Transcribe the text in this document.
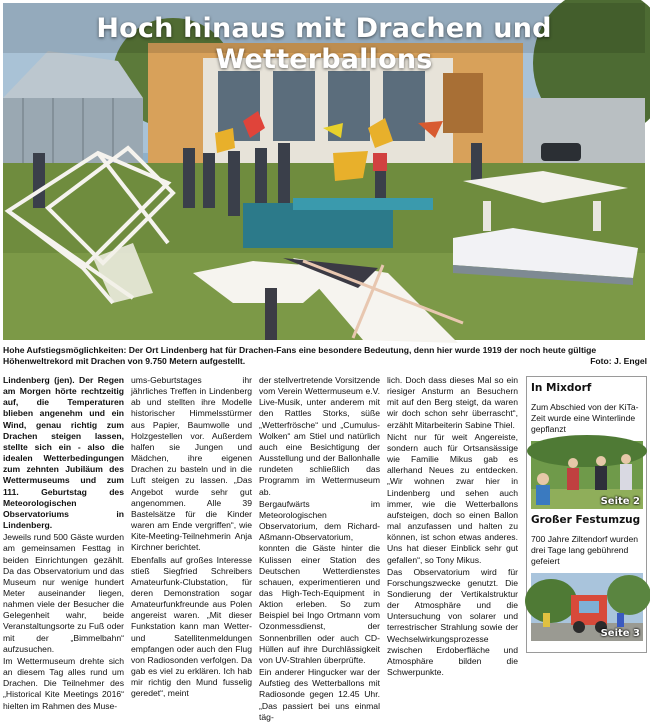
Hoch hinaus mit Drachen und Wetterballons
Hohe Aufstiegsmöglichkeiten: Der Ort Lindenberg hat für Drachen-Fans eine besondere Bedeutung, denn hier wurde 1919 der noch heute gültige Höhenweltrekord mit Drachen von 9.750 Metern aufgestellt.	Foto: J. Engel

Lindenberg (jen). Der Regen am Morgen hörte rechtzeitig auf, die Temperaturen blieben angenehm und ein Wind, genau richtig zum Drachen steigen lassen, stellte sich ein - also die idealen Wetterbedingungen zum zehnten Jubiläum des Wettermuseums und zum 111. Geburtstag des Meteorologischen Observatoriums in Lindenberg.

Jeweils rund 500 Gäste wurden am gemeinsamen Festtag in beiden Einrichtungen gezählt. Da das Observatorium und das Museum nur wenige hundert Meter auseinander liegen, nahmen viele der Besucher die Gelegenheit wahr, beide Veranstaltungsorte zu Fuß oder mit der „Bimmelbahn“ aufzusuchen.

Im Wettermuseum drehte sich an diesem Tag alles rund um Drachen. Die Teilnehmer des „Historical Kite Meetings 2016“ hielten im Rahmen des Muse-

ums-Geburtstages ihr jährliches Treffen in Lindenberg ab und stellten ihre Modelle historischer Himmelsstürmer aus Papier, Baumwolle und Holzgestellen vor. Außerdem halfen sie Jungen und Mädchen, ihre eigenen Drachen zu basteln und in die Luft steigen zu lassen. „Das Angebot wurde sehr gut angenommen. Alle 39 Bastelsätze für die Kinder waren am Ende vergriffen“, wie Kite-Meeting-Teilnehmerin Anja Kirchner berichtet.

Ebenfalls auf großes Interesse stieß Siegfried Schreibers Amateurfunk-Clubstation, für deren Demonstration sogar Amateurfunkfreunde aus Polen angereist waren. „Mit dieser Funkstation kann man Wetter- und Satellitenmeldungen empfangen oder auch den Flug von Radiosonden verfolgen. Da gab es viel zu erklären. Ich hab mir richtig den Mund fusselig geredet“, meint

der stellvertretende Vorsitzende vom Verein Wettermuseum e.V. Live-Musik, unter anderem mit den Rattles Storks, süße „Wetterfrösche“ und „Cumulus-Wolken“ am Stiel und natürlich auch eine Besichtigung der Ausstellung und der Ballonhalle rundeten schließlich das Programm im Wettermuseum ab.

Bergaufwärts im Meteorologischen Observatorium, dem Richard-Aßmann-Observatorium, konnten die Gäste hinter die Kulissen einer Station des Deutschen Wetterdienstes schauen, experimentieren und das High-Tech-Equipment in Aktion erleben. So zum Beispiel bei Ingo Ortmann vom Ozonmessdienst, der Sonnenbrillen oder auch CD-Hüllen auf ihre Durchlässigkeit von UV-Strahlen überprüfte.

Ein anderer Hingucker war der Aufstieg des Wetterballons mit Radiosonde gegen 12.45 Uhr. „Das passiert bei uns einmal täg-

lich. Doch dass dieses Mal so ein riesiger Ansturm an Besuchern mit auf den Berg steigt, da waren wir doch schon sehr überrascht“, erzählt Mitarbeiterin Sabine Thiel.

Nicht nur für weit Angereiste, sondern auch für Ortsansässige wie Familie Mikus gab es allerhand Neues zu entdecken. „Wir wohnen zwar hier in Lindenberg und sehen auch immer, wie die Wetterballons aufsteigen, doch so einen Ballon mal anzufassen und halten zu können, ist schon etwas anderes. Uns hat dieser Einblick sehr gut gefallen“, so Tony Mikus.

Das Observatorium wird für Forschungszwecke genutzt. Die Sondierung der Vertikalstruktur der Atmosphäre und die Untersuchung von solarer und terrestrischer Strahlung sowie der Wechselwirkungsprozesse zwischen Erdoberfläche und Atmosphäre bilden die Schwerpunkte.

In Mixdorf
Zum Abschied von der KiTa-Zeit wurde eine Winterlinde gepflanzt
Seite 2
Großer Festumzug
700 Jahre Ziltendorf wurden drei Tage lang gebührend gefeiert
Seite 3
